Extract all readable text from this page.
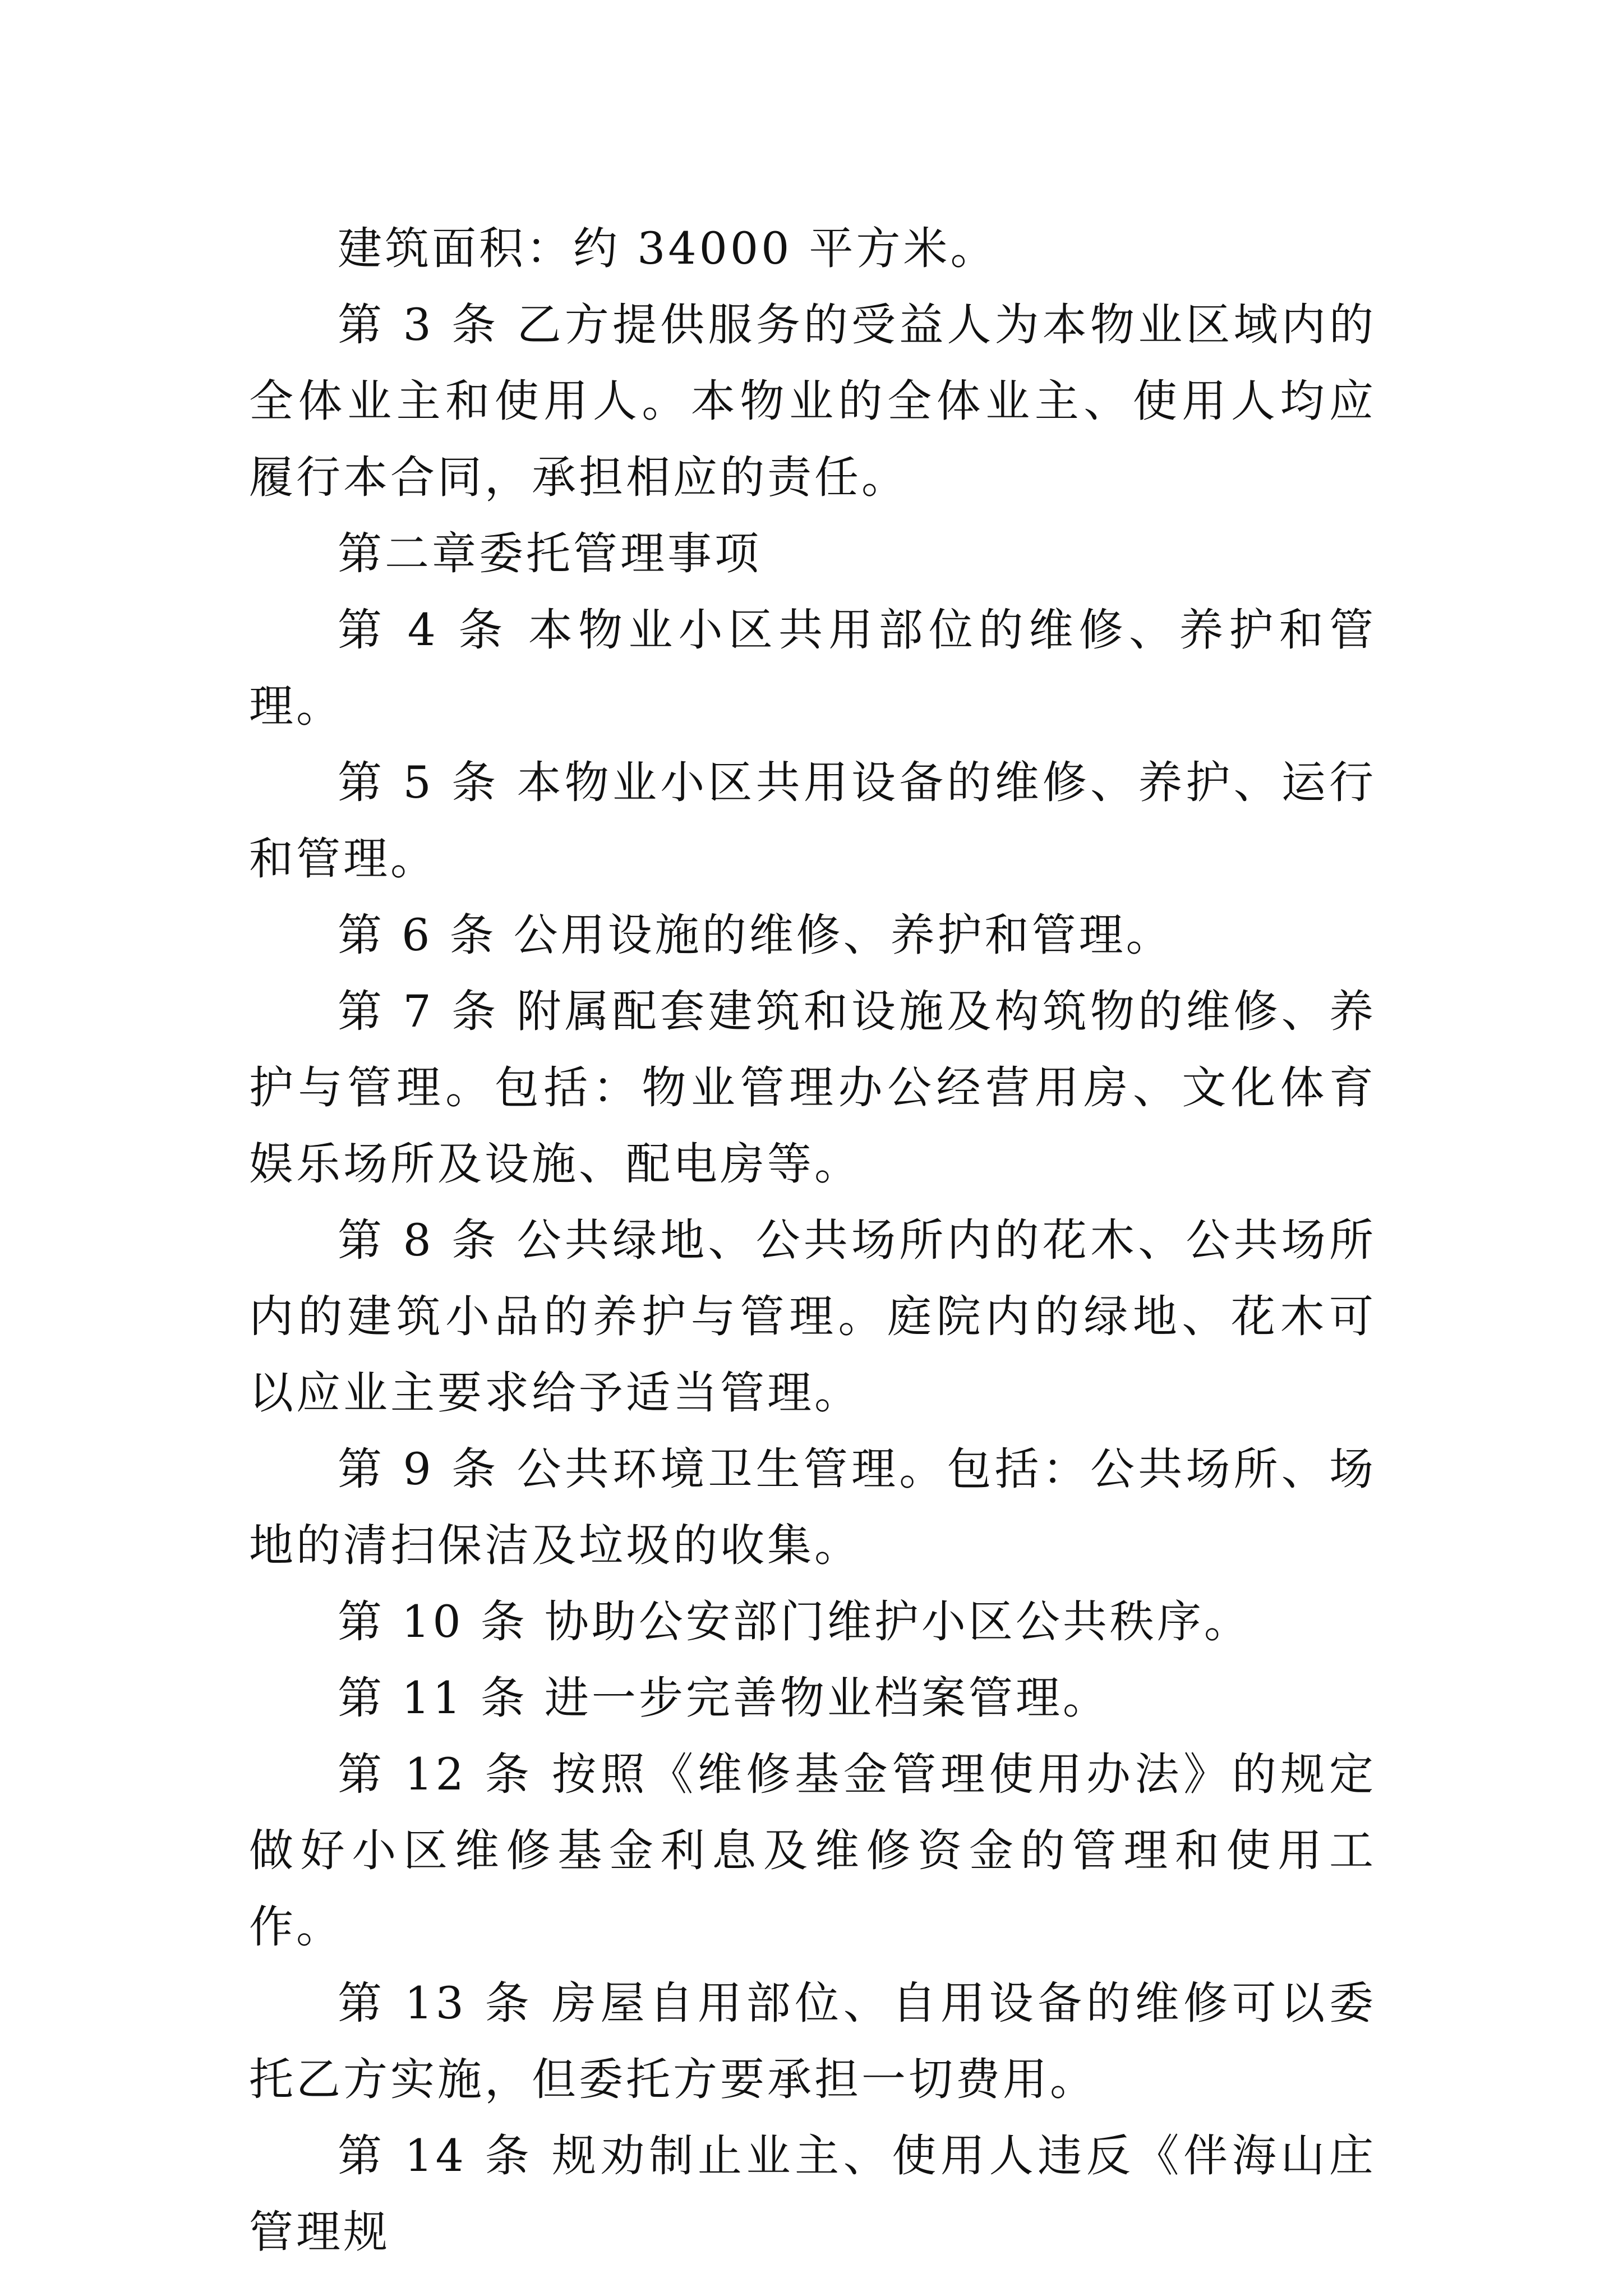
建筑面积：约 34000 平方米。

第 3 条 乙方提供服务的受益人为本物业区域内的全体业主和使用人。本物业的全体业主、使用人均应履行本合同，承担相应的责任。

第二章委托管理事项

第 4 条 本物业小区共用部位的维修、养护和管理。

第 5 条 本物业小区共用设备的维修、养护、运行和管理。

第 6 条 公用设施的维修、养护和管理。

第 7 条 附属配套建筑和设施及构筑物的维修、养护与管理。包括：物业管理办公经营用房、文化体育娱乐场所及设施、配电房等。

第 8 条 公共绿地、公共场所内的花木、公共场所内的建筑小品的养护与管理。庭院内的绿地、花木可以应业主要求给予适当管理。

第 9 条 公共环境卫生管理。包括：公共场所、场地的清扫保洁及垃圾的收集。

第 10 条 协助公安部门维护小区公共秩序。

第 11 条 进一步完善物业档案管理。

第 12 条 按照《维修基金管理使用办法》的规定做好小区维修基金利息及维修资金的管理和使用工作。

第 13 条 房屋自用部位、自用设备的维修可以委托乙方实施，但委托方要承担一切费用。

第 14 条 规劝制止业主、使用人违反《伴海山庄管理规
